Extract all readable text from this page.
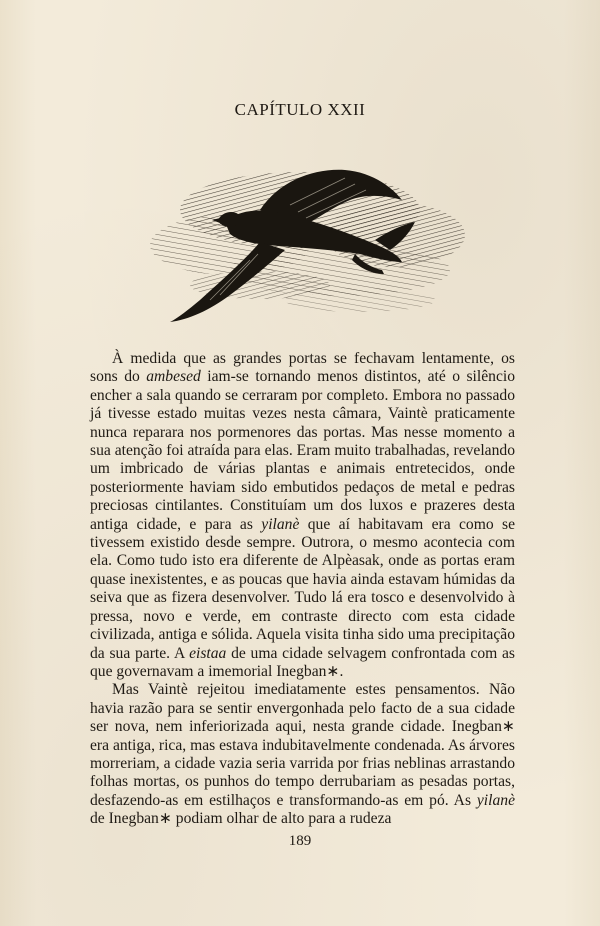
CAPÍTULO XXII

À medida que as grandes portas se fechavam lentamente, os sons do ambesed iam-se tornando menos distintos, até o silêncio encher a sala quando se cerraram por completo. Embora no passado já tivesse estado muitas vezes nesta câmara, Vaintè praticamente nunca reparara nos pormenores das portas. Mas nesse momento a sua atenção foi atraída para elas. Eram muito trabalhadas, revelando um imbricado de várias plantas e animais entretecidos, onde posteriormente haviam sido embutidos pedaços de metal e pedras preciosas cintilantes. Constituíam um dos luxos e prazeres desta antiga cidade, e para as yilanè que aí habitavam era como se tivessem existido desde sempre. Outrora, o mesmo acontecia com ela. Como tudo isto era diferente de Alpèasak, onde as portas eram quase inexistentes, e as poucas que havia ainda estavam húmidas da seiva que as fizera desenvolver. Tudo lá era tosco e desenvolvido à pressa, novo e verde, em contraste directo com esta cidade civilizada, antiga e sólida. Aquela visita tinha sido uma precipitação da sua parte. A eistaa de uma cidade selvagem confrontada com as que governavam a imemorial Inegban∗.

Mas Vaintè rejeitou imediatamente estes pensamentos. Não havia razão para se sentir envergonhada pelo facto de a sua cidade ser nova, nem inferiorizada aqui, nesta grande cidade. Inegban∗ era antiga, rica, mas estava indubitavelmente condenada. As árvores morreriam, a cidade vazia seria varrida por frias neblinas arrastando folhas mortas, os punhos do tempo derrubariam as pesadas portas, desfazendo-as em estilhaços e transformando-as em pó. As yilanè de Inegban∗ podiam olhar de alto para a rudeza

189
